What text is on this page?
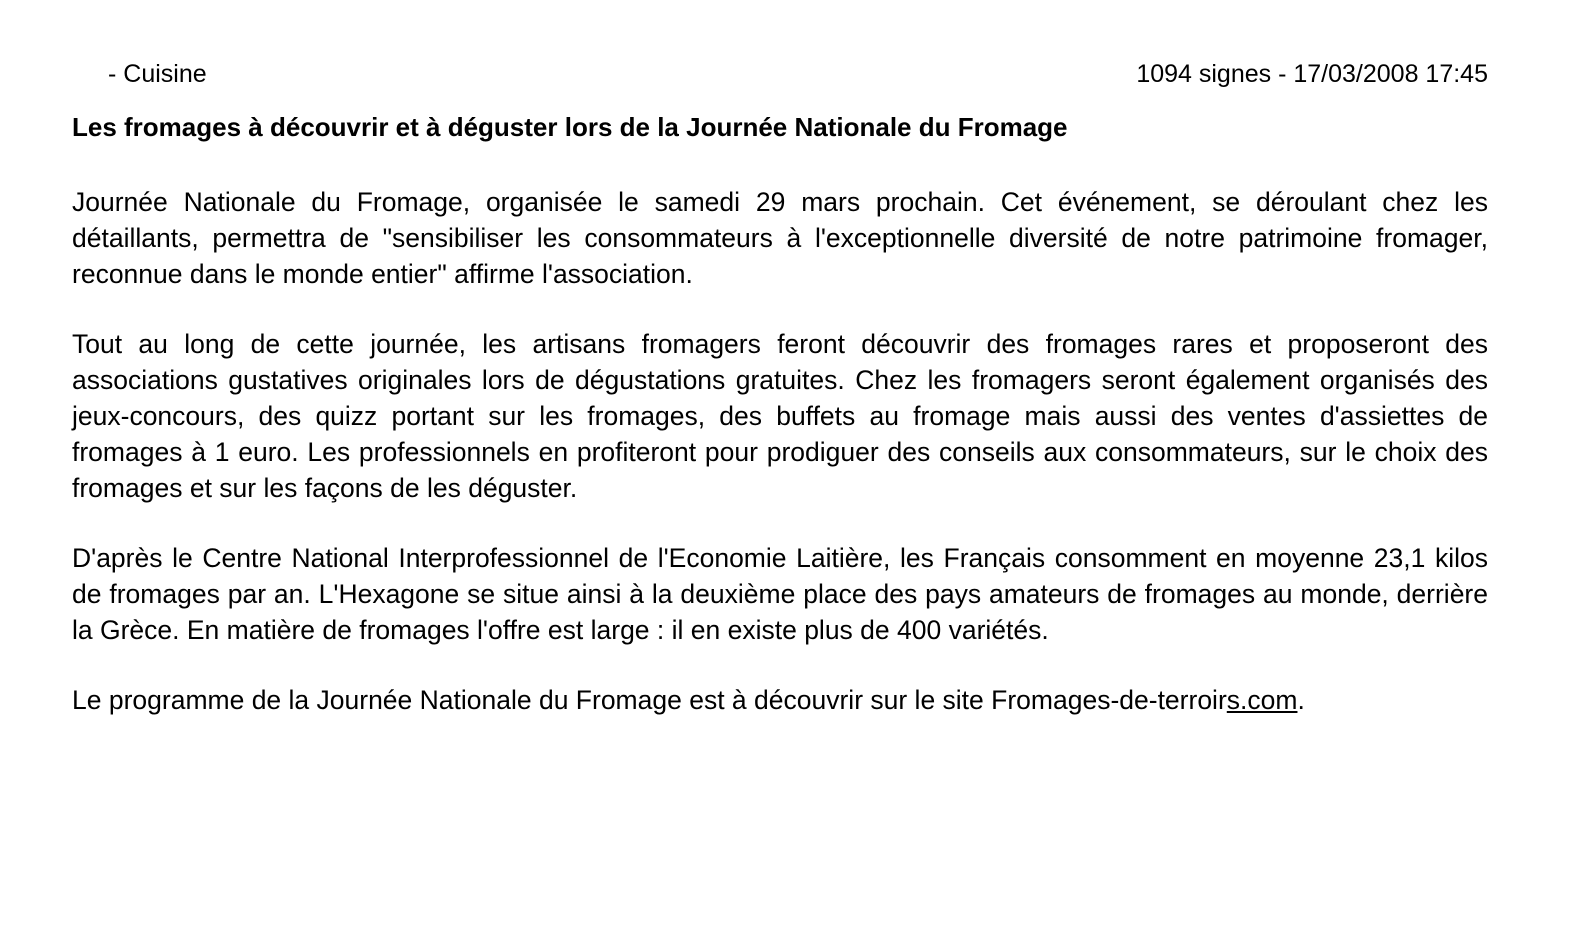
- Cuisine	1094 signes - 17/03/2008 17:45
Les fromages à découvrir et à déguster lors de la Journée Nationale du Fromage

Journée Nationale du Fromage, organisée le samedi 29 mars prochain. Cet événement, se déroulant chez les détaillants, permettra de "sensibiliser les consommateurs à l'exceptionnelle diversité de notre patrimoine fromager, reconnue dans le monde entier" affirme l'association.

Tout au long de cette journée, les artisans fromagers feront découvrir des fromages rares et proposeront des associations gustatives originales lors de dégustations gratuites. Chez les fromagers seront également organisés des jeux-concours, des quizz portant sur les fromages, des buffets au fromage mais aussi des ventes d'assiettes de fromages à 1 euro. Les professionnels en profiteront pour prodiguer des conseils aux consommateurs, sur le choix des fromages et sur les façons de les déguster.

D'après le Centre National Interprofessionnel de l'Economie Laitière, les Français consomment en moyenne 23,1 kilos de fromages par an. L'Hexagone se situe ainsi à la deuxième place des pays amateurs de fromages au monde, derrière la Grèce. En matière de fromages l'offre est large : il en existe plus de 400 variétés.

Le programme de la Journée Nationale du Fromage est à découvrir sur le site Fromages-de-terroirs.com.
